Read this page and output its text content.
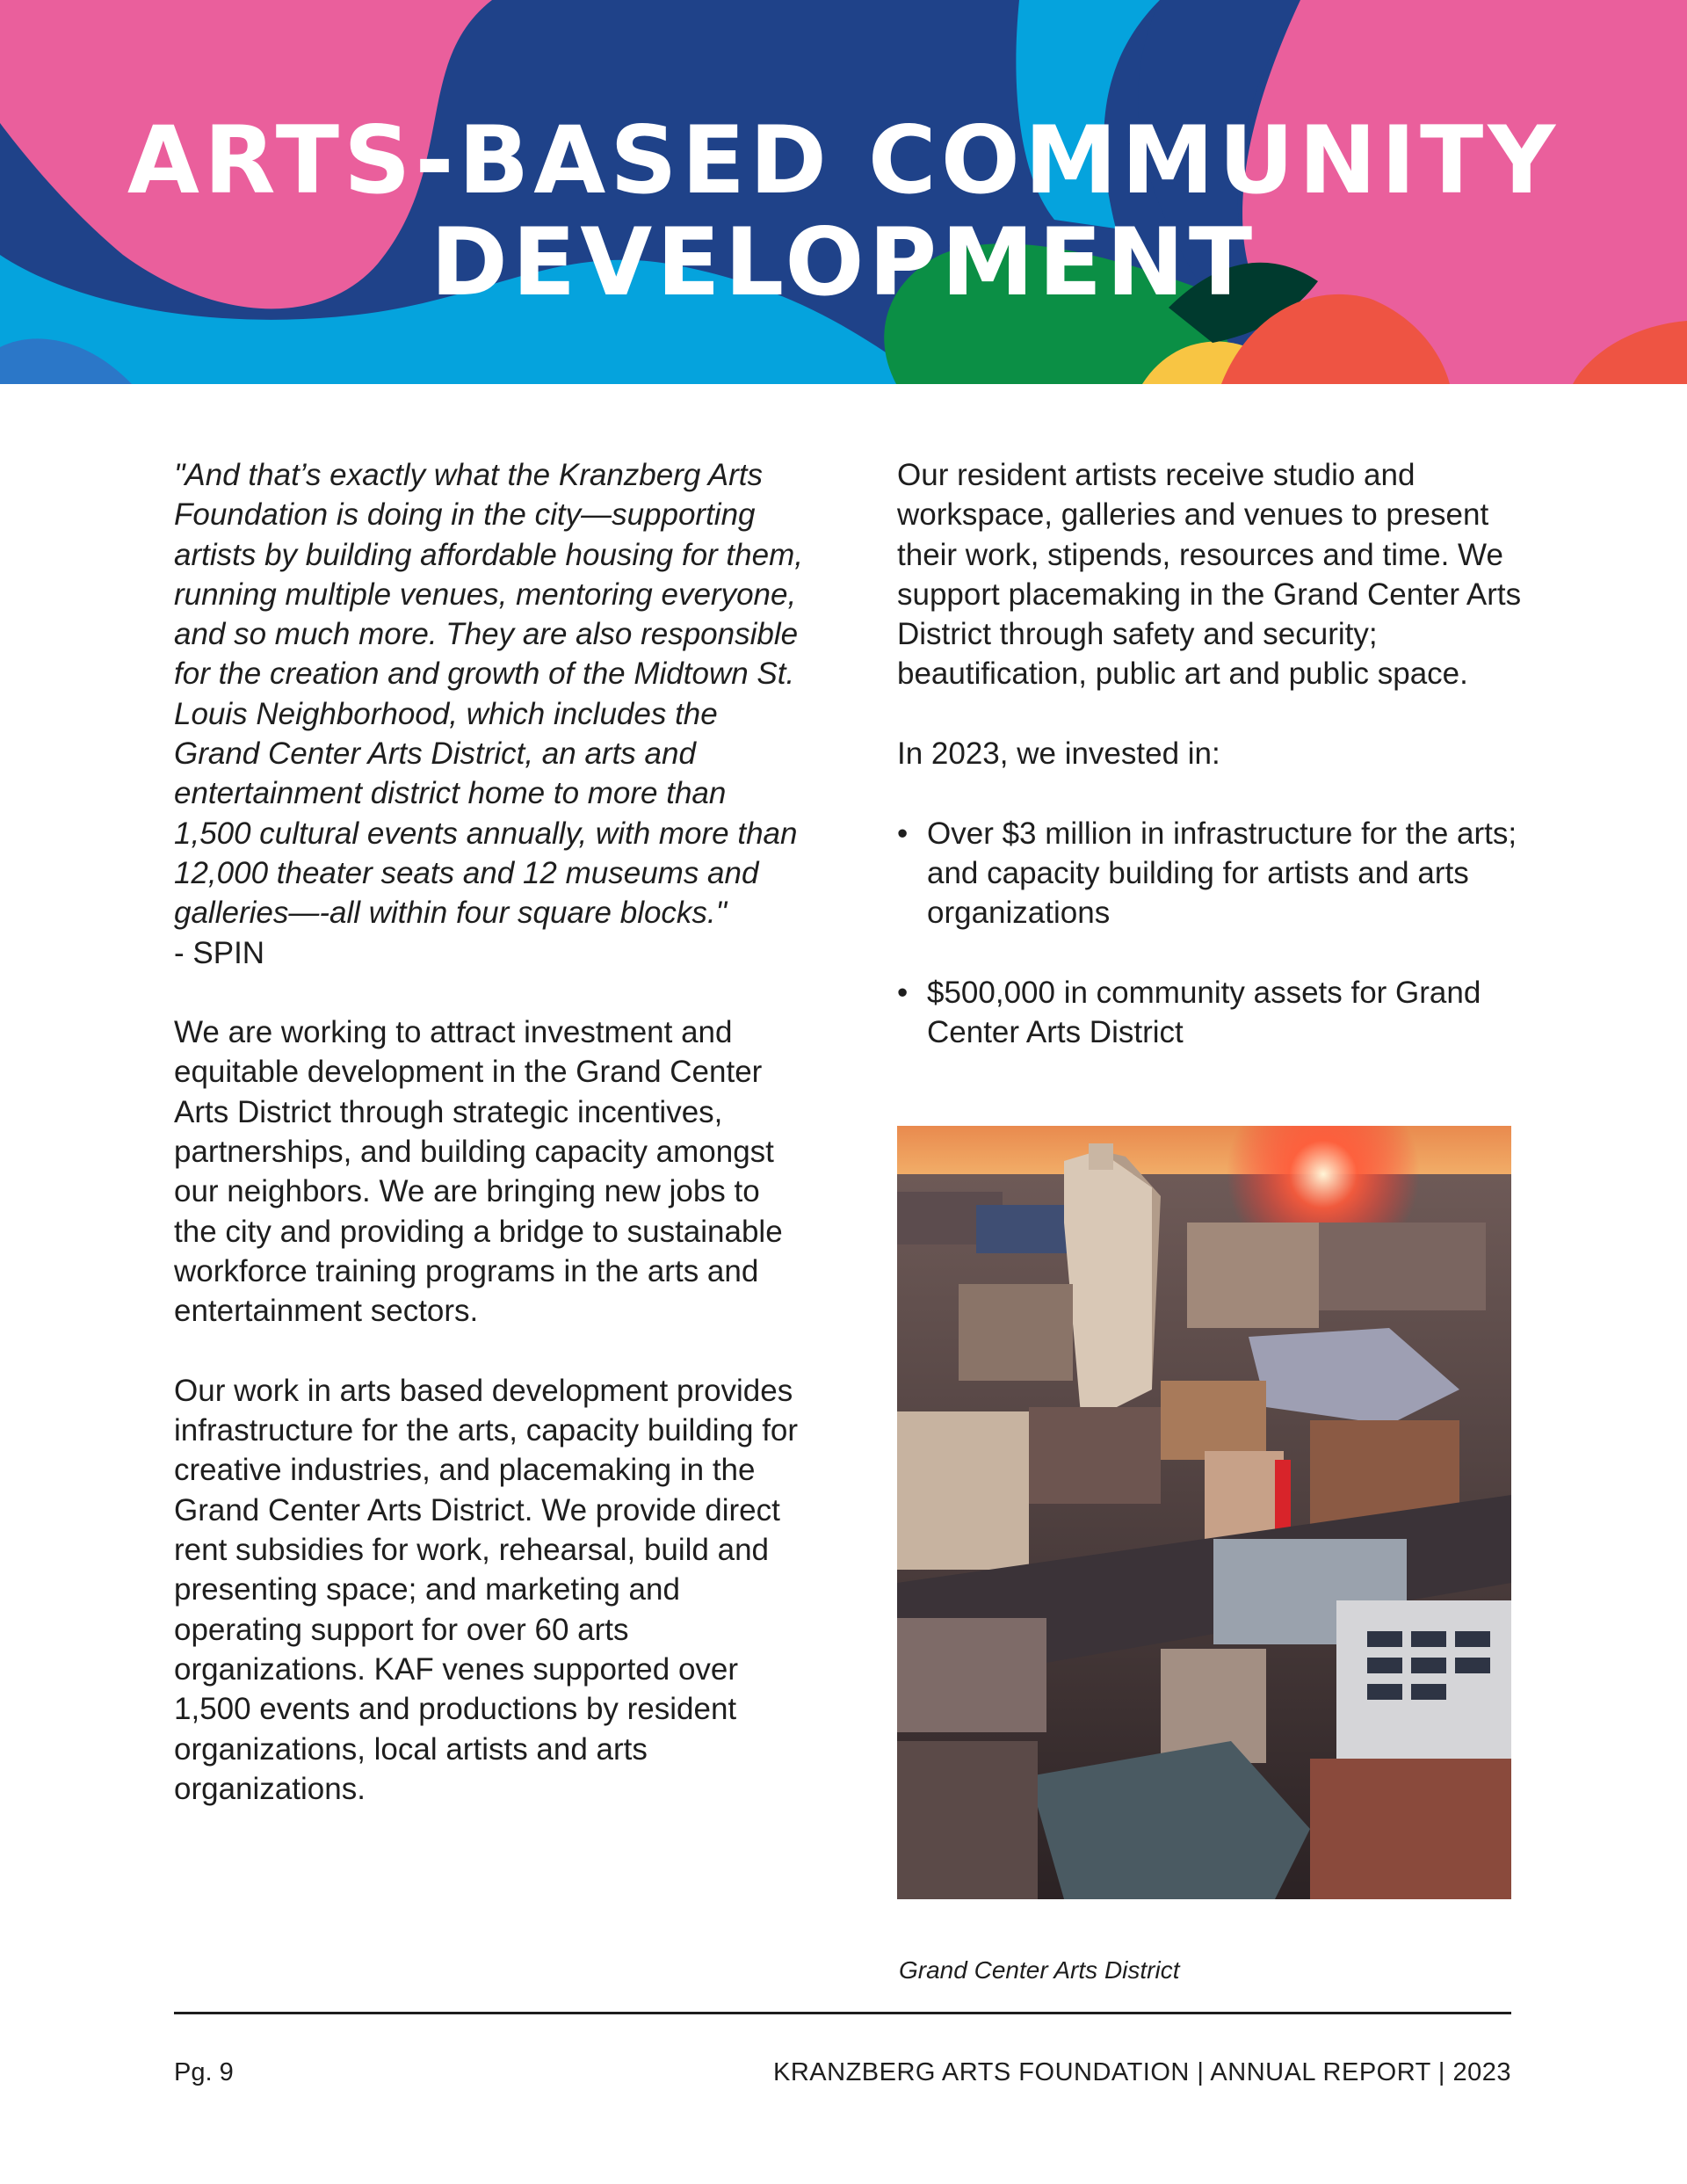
ARTS-BASED COMMUNITY
DEVELOPMENT

"And that’s exactly what the Kranzberg Arts Foundation is doing in the city—supporting artists by building affordable housing for them, running multiple venues, mentoring everyone, and so much more. They are also responsible for the creation and growth of the Midtown St. Louis Neighborhood, which includes the Grand Center Arts District, an arts and entertainment district home to more than 1,500 cultural events annually, with more than 12,000 theater seats and 12 museums and galleries—-all within four square blocks."

- SPIN

We are working to attract investment and equitable development in the Grand Center Arts District through strategic incentives, partnerships, and building capacity amongst our neighbors. We are bringing new jobs to the city and providing a bridge to sustainable workforce training programs in the arts and entertainment sectors.

Our work in arts based development provides infrastructure for the arts, capacity building for creative industries, and placemaking in the Grand Center Arts District. We provide direct rent subsidies for work, rehearsal, build and presenting space; and marketing and operating support for over 60 arts organizations. KAF venes supported over 1,500 events and productions by resident organizations, local artists and arts organizations.

Our resident artists receive studio and workspace, galleries and venues to present their work, stipends, resources and time. We support placemaking in the Grand Center Arts District through safety and security; beautification, public art and public space.

In 2023, we invested in:

• Over $3 million in infrastructure for the arts; and capacity building for artists and arts organizations
• $500,000 in community assets for Grand Center Arts District

Grand Center Arts District

Pg. 9	KRANZBERG ARTS FOUNDATION | ANNUAL REPORT | 2023
